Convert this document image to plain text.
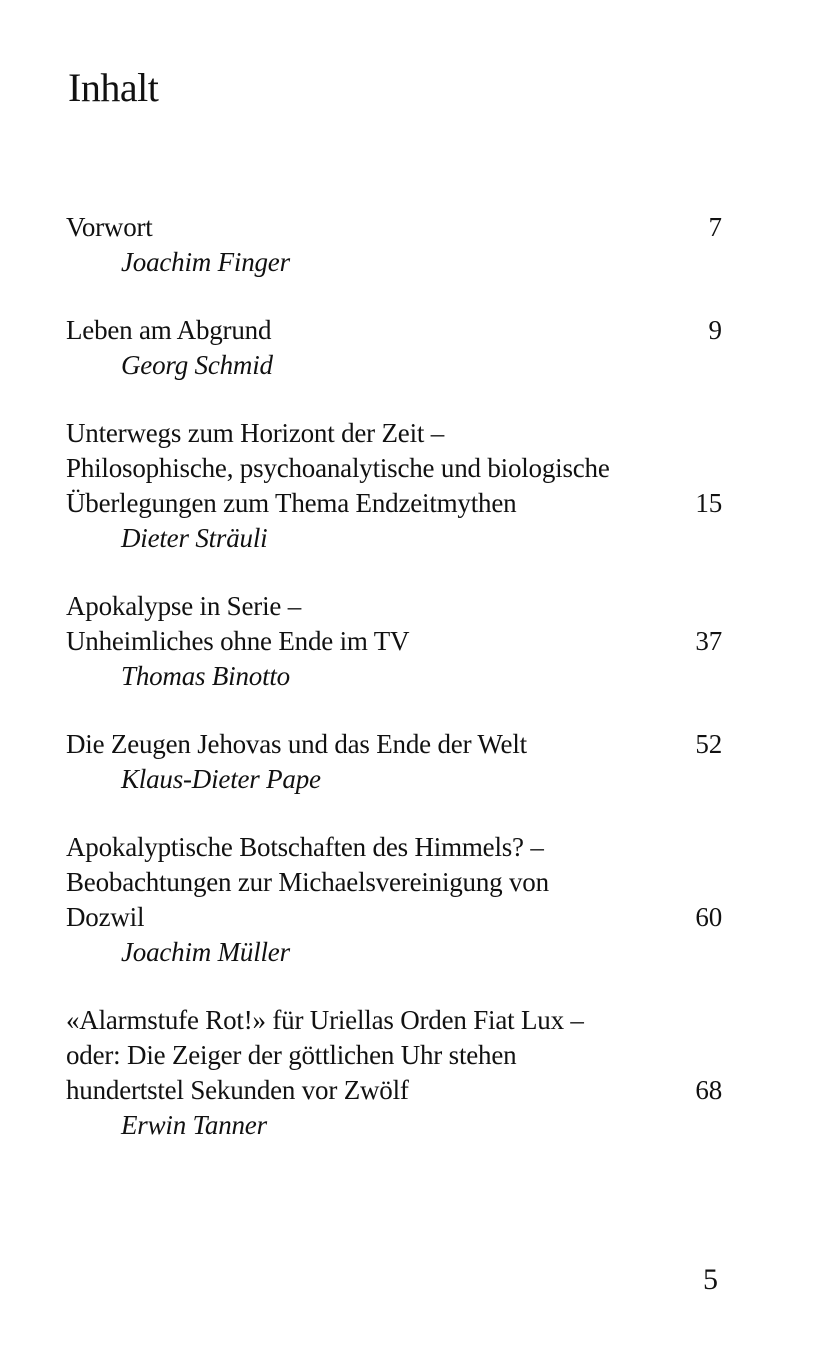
Inhalt
Vorwort	7
Joachim Finger
Leben am Abgrund	9
Georg Schmid
Unterwegs zum Horizont der Zeit –
Philosophische, psychoanalytische und biologische
Überlegungen zum Thema Endzeitmythen	15
Dieter Sträuli
Apokalypse in Serie –
Unheimliches ohne Ende im TV	37
Thomas Binotto
Die Zeugen Jehovas und das Ende der Welt	52
Klaus-Dieter Pape
Apokalyptische Botschaften des Himmels? –
Beobachtungen zur Michaelsvereinigung von
Dozwil	60
Joachim Müller
«Alarmstufe Rot!» für Uriellas Orden Fiat Lux –
oder: Die Zeiger der göttlichen Uhr stehen
hundertstel Sekunden vor Zwölf	68
Erwin Tanner
5
